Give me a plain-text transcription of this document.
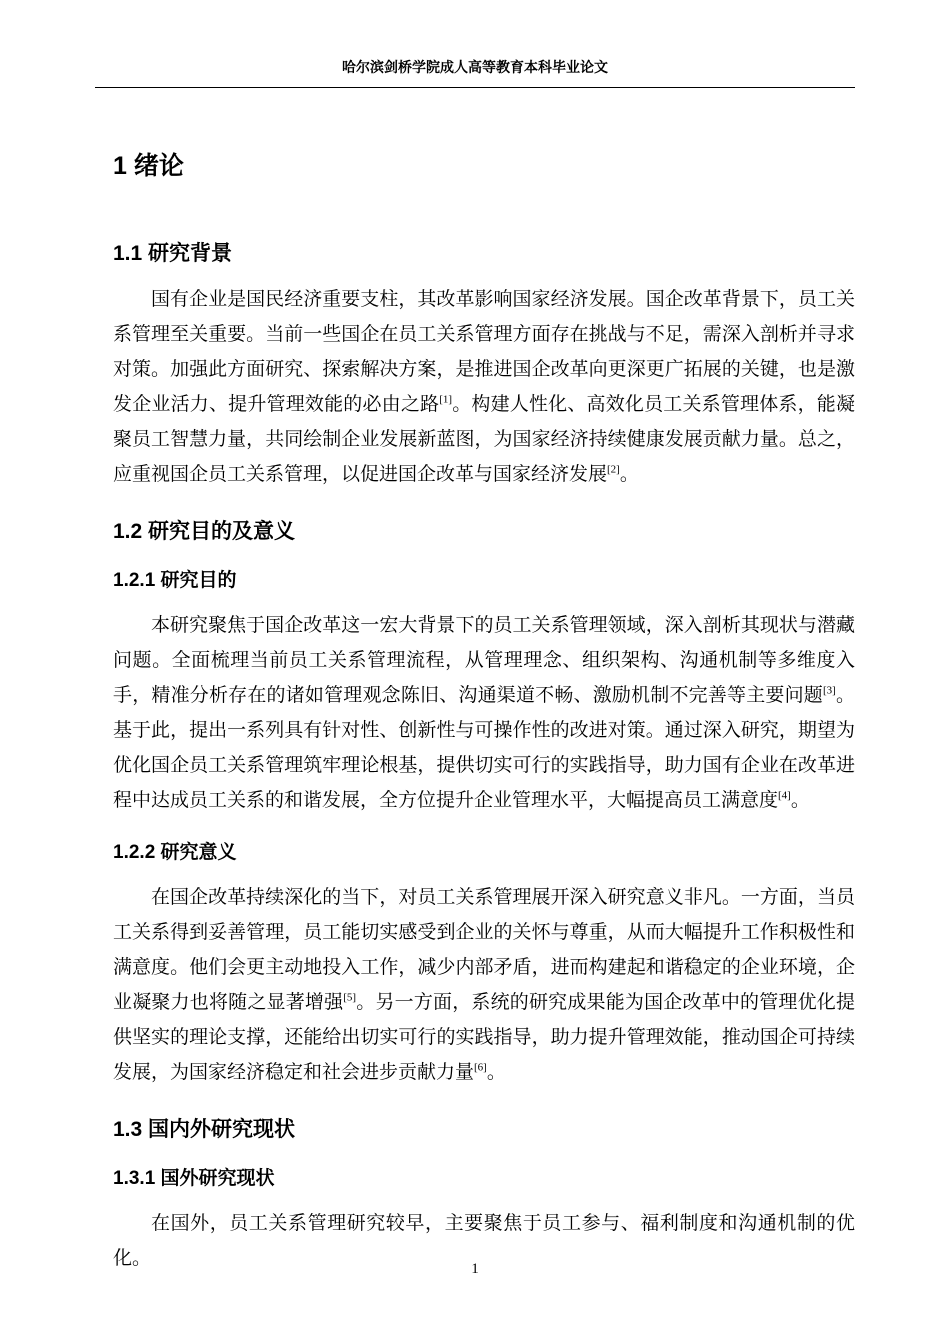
哈尔滨剑桥学院成人高等教育本科毕业论文
1 绪论
1.1 研究背景

国有企业是国民经济重要支柱，其改革影响国家经济发展。国企改革背景下，员工关系管理至关重要。当前一些国企在员工关系管理方面存在挑战与不足，需深入剖析并寻求对策。加强此方面研究、探索解决方案，是推进国企改革向更深更广拓展的关键，也是激发企业活力、提升管理效能的必由之路[1]。构建人性化、高效化员工关系管理体系，能凝聚员工智慧力量，共同绘制企业发展新蓝图，为国家经济持续健康发展贡献力量。总之，应重视国企员工关系管理，以促进国企改革与国家经济发展[2]。

1.2 研究目的及意义
1.2.1 研究目的

本研究聚焦于国企改革这一宏大背景下的员工关系管理领域，深入剖析其现状与潜藏问题。全面梳理当前员工关系管理流程，从管理理念、组织架构、沟通机制等多维度入手，精准分析存在的诸如管理观念陈旧、沟通渠道不畅、激励机制不完善等主要问题[3]。基于此，提出一系列具有针对性、创新性与可操作性的改进对策。通过深入研究，期望为优化国企员工关系管理筑牢理论根基，提供切实可行的实践指导，助力国有企业在改革进程中达成员工关系的和谐发展，全方位提升企业管理水平，大幅提高员工满意度[4]。

1.2.2 研究意义

在国企改革持续深化的当下，对员工关系管理展开深入研究意义非凡。一方面，当员工关系得到妥善管理，员工能切实感受到企业的关怀与尊重，从而大幅提升工作积极性和满意度。他们会更主动地投入工作，减少内部矛盾，进而构建起和谐稳定的企业环境，企业凝聚力也将随之显著增强[5]。另一方面，系统的研究成果能为国企改革中的管理优化提供坚实的理论支撑，还能给出切实可行的实践指导，助力提升管理效能，推动国企可持续发展，为国家经济稳定和社会进步贡献力量[6]。

1.3 国内外研究现状
1.3.1 国外研究现状

在国外，员工关系管理研究较早，主要聚焦于员工参与、福利制度和沟通机制的优化。	1
